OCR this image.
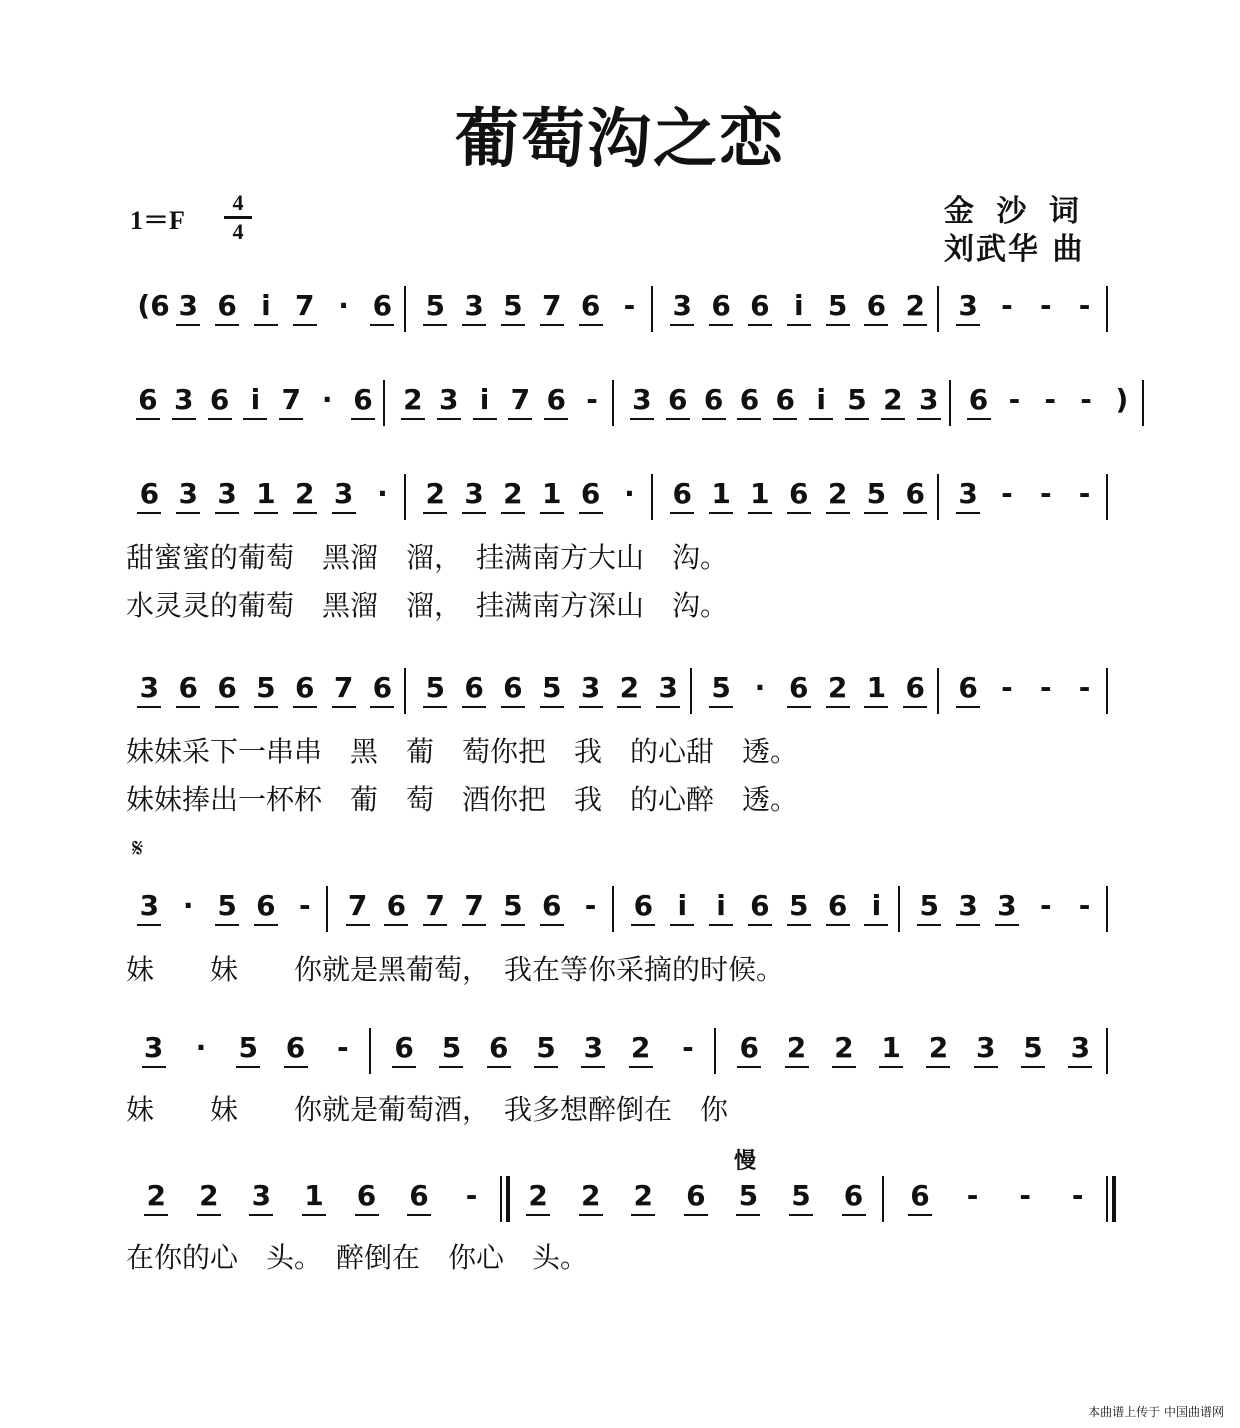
葡萄沟之恋
1＝F
4
4
金 沙 词
刘武华 曲
(6 3 6 i 7 · 6 5 3 5 7 6 - 3 6 6 i 5 6 2 3 - - -
6 3 6 i 7 · 6 2 3 i 7 6 - 3 6 6 6 6 i 5 2 3 6 - - - )
6 3 3 1 2 3 · 2 3 2 1 6 · 6 1 1 6 2 5 6 3 - - -
甜蜜蜜的葡萄　黑溜　溜，　挂满南方大山　沟。
水灵灵的葡萄　黑溜　溜，　挂满南方深山　沟。
3 6 6 5 6 7 6 5 6 6 5 3 2 3 5 · 6 2 1 6 6 - - -
妹妹采下一串串　黑　葡　萄你把　我　的心甜　透。
妹妹捧出一杯杯　葡　萄　酒你把　我　的心醉　透。
3 · 5 6 - 7 6 7 7 5 6 - 6 i i 6 5 6 i 5 3 3 - -
妹　　妹　　你就是黑葡萄，　我在等你采摘的时候。
3 · 5 6 - 6 5 6 5 3 2 - 6 2 2 1 2 3 5 3
妹　　妹　　你就是葡萄酒，　我多想醉倒在　你
2 2 3 1 6 6 - 2 2 2 6 5 5 6 6 - - -
在你的心　头。　醉倒在　你心　头。
慢
𝄋
本曲谱上传于 中国曲谱网
